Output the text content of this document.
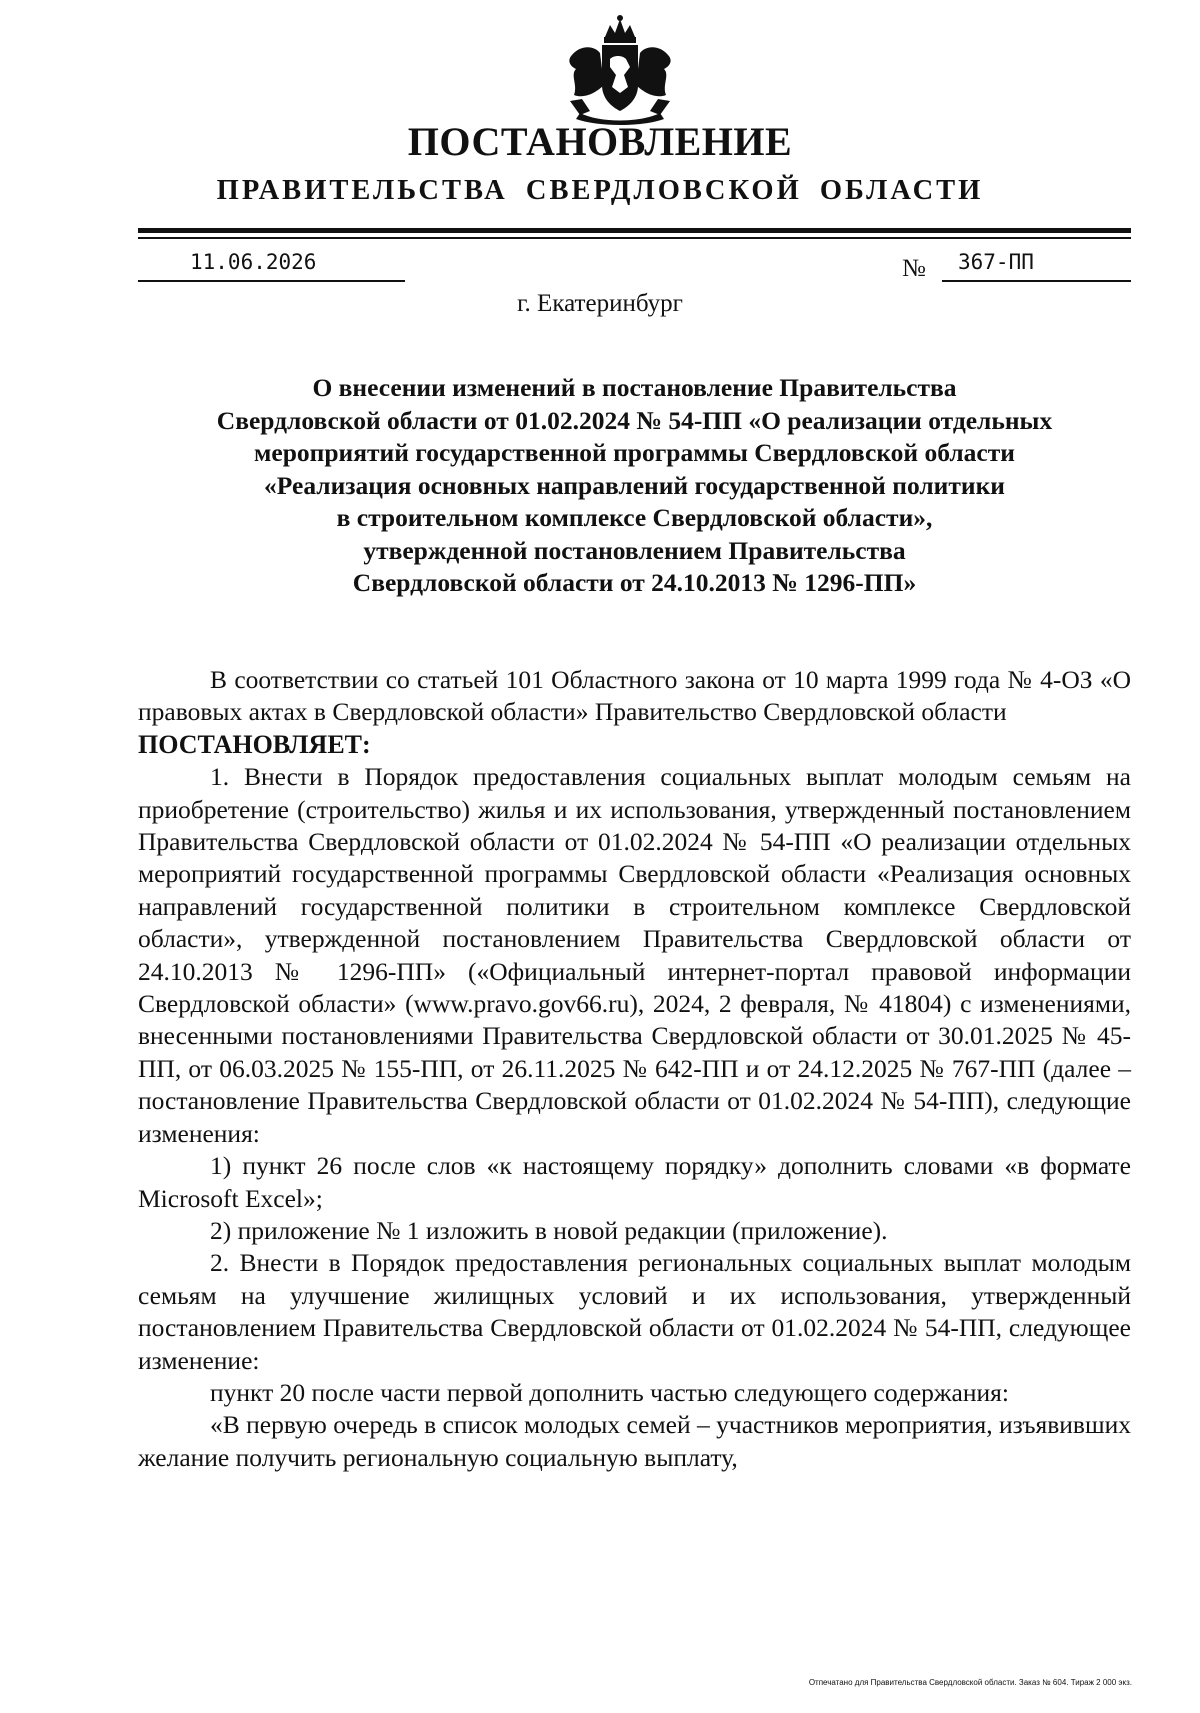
ПОСТАНОВЛЕНИЕ
ПРАВИТЕЛЬСТВА СВЕРДЛОВСКОЙ ОБЛАСТИ
11.06.2026	№ 367-ПП
г. Екатеринбург
О внесении изменений в постановление Правительства
Свердловской области от 01.02.2024 № 54-ПП «О реализации отдельных
мероприятий государственной программы Свердловской области
«Реализация основных направлений государственной политики
в строительном комплексе Свердловской области»,
утвержденной постановлением Правительства
Свердловской области от 24.10.2013 № 1296-ПП»

В соответствии со статьей 101 Областного закона от 10 марта 1999 года № 4-ОЗ «О правовых актах в Свердловской области» Правительство Свердловской области

ПОСТАНОВЛЯЕТ:

1. Внести в Порядок предоставления социальных выплат молодым семьям на приобретение (строительство) жилья и их использования, утвержденный постановлением Правительства Свердловской области от 01.02.2024 № 54-ПП «О реализации отдельных мероприятий государственной программы Свердловской области «Реализация основных направлений государственной политики в строительном комплексе Свердловской области», утвержденной постановлением Правительства Свердловской области от 24.10.2013 № 1296-ПП» («Официальный интернет-портал правовой информации Свердловской области» (www.pravo.gov66.ru), 2024, 2 февраля, № 41804) с изменениями, внесенными постановлениями Правительства Свердловской области от 30.01.2025 № 45-ПП, от 06.03.2025 № 155-ПП, от 26.11.2025 № 642-ПП и от 24.12.2025 № 767-ПП (далее – постановление Правительства Свердловской области от 01.02.2024 № 54-ПП), следующие изменения:

1) пункт 26 после слов «к настоящему порядку» дополнить словами «в формате Microsoft Excel»;

2) приложение № 1 изложить в новой редакции (приложение).

2. Внести в Порядок предоставления региональных социальных выплат молодым семьям на улучшение жилищных условий и их использования, утвержденный постановлением Правительства Свердловской области от 01.02.2024 № 54-ПП, следующее изменение:

пункт 20 после части первой дополнить частью следующего содержания:

«В первую очередь в список молодых семей – участников мероприятия, изъявивших желание получить региональную социальную выплату,

Отпечатано для Правительства Свердловской области. Заказ № 604. Тираж 2 000 экз.
